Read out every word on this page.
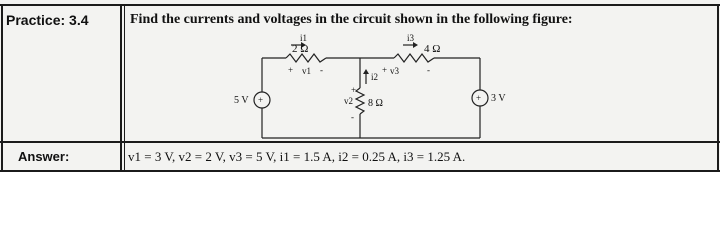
Practice: 3.4	Find the currents and voltages in the circuit shown in the following figure:
2 Ω	4 Ω
8 Ω
5 V	3 V
i1	i3
i2
v1	v3
v2
+	-	+	-
+
-
+	+
Answer:	v1 = 3 V, v2 = 2 V, v3 = 5 V, i1 = 1.5 A, i2 = 0.25 A, i3 = 1.25 A.
